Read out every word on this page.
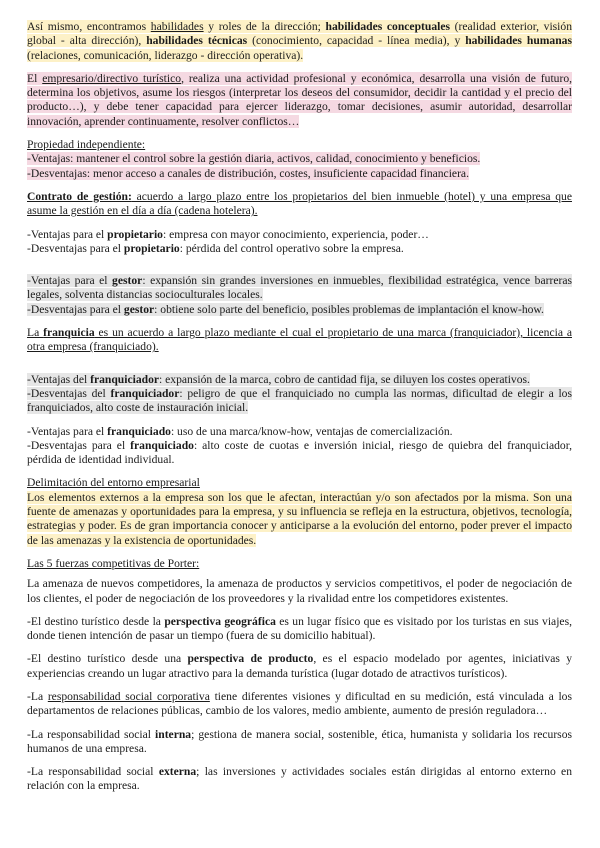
Así mismo, encontramos habilidades y roles de la dirección; habilidades conceptuales (realidad exterior, visión global - alta dirección), habilidades técnicas (conocimiento, capacidad - línea media), y habilidades humanas (relaciones, comunicación, liderazgo - dirección operativa).

El empresario/directivo turístico, realiza una actividad profesional y económica, desarrolla una visión de futuro, determina los objetivos, asume los riesgos (interpretar los deseos del consumidor, decidir la cantidad y el precio del producto…), y debe tener capacidad para ejercer liderazgo, tomar decisiones, asumir autoridad, desarrollar innovación, aprender continuamente, resolver conflictos…

Propiedad independiente:

-Ventajas: mantener el control sobre la gestión diaria, activos, calidad, conocimiento y beneficios.

-Desventajas: menor acceso a canales de distribución, costes, insuficiente capacidad financiera.

Contrato de gestión: acuerdo a largo plazo entre los propietarios del bien inmueble (hotel) y una empresa que asume la gestión en el día a día (cadena hotelera).

-Ventajas para el propietario: empresa con mayor conocimiento, experiencia, poder…

-Desventajas para el propietario: pérdida del control operativo sobre la empresa.

-Ventajas para el gestor: expansión sin grandes inversiones en inmuebles, flexibilidad estratégica, vence barreras legales, solventa distancias socioculturales locales.

-Desventajas para el gestor: obtiene solo parte del beneficio, posibles problemas de implantación el know-how.

La franquicia es un acuerdo a largo plazo mediante el cual el propietario de una marca (franquiciador), licencia a otra empresa (franquiciado).

-Ventajas del franquiciador: expansión de la marca, cobro de cantidad fija, se diluyen los costes operativos.

-Desventajas del franquiciador: peligro de que el franquiciado no cumpla las normas, dificultad de elegir a los franquiciados, alto coste de instauración inicial.

-Ventajas para el franquiciado: uso de una marca/know-how, ventajas de comercialización.

-Desventajas para el franquiciado: alto coste de cuotas e inversión inicial, riesgo de quiebra del franquiciador, pérdida de identidad individual.

Delimitación del entorno empresarial

Los elementos externos a la empresa son los que le afectan, interactúan y/o son afectados por la misma. Son una fuente de amenazas y oportunidades para la empresa, y su influencia se refleja en la estructura, objetivos, tecnología, estrategias y poder. Es de gran importancia conocer y anticiparse a la evolución del entorno, poder prever el impacto de las amenazas y la existencia de oportunidades.

Las 5 fuerzas competitivas de Porter:

La amenaza de nuevos competidores, la amenaza de productos y servicios competitivos, el poder de negociación de los clientes, el poder de negociación de los proveedores y la rivalidad entre los competidores existentes.

-El destino turístico desde la perspectiva geográfica es un lugar físico que es visitado por los turistas en sus viajes, donde tienen intención de pasar un tiempo (fuera de su domicilio habitual).

-El destino turístico desde una perspectiva de producto, es el espacio modelado por agentes, iniciativas y experiencias creando un lugar atractivo para la demanda turística (lugar dotado de atractivos turísticos).

-La responsabilidad social corporativa tiene diferentes visiones y dificultad en su medición, está vinculada a los departamentos de relaciones públicas, cambio de los valores, medio ambiente, aumento de presión reguladora…

-La responsabilidad social interna; gestiona de manera social, sostenible, ética, humanista y solidaria los recursos humanos de una empresa.

-La responsabilidad social externa; las inversiones y actividades sociales están dirigidas al entorno externo en relación con la empresa.
